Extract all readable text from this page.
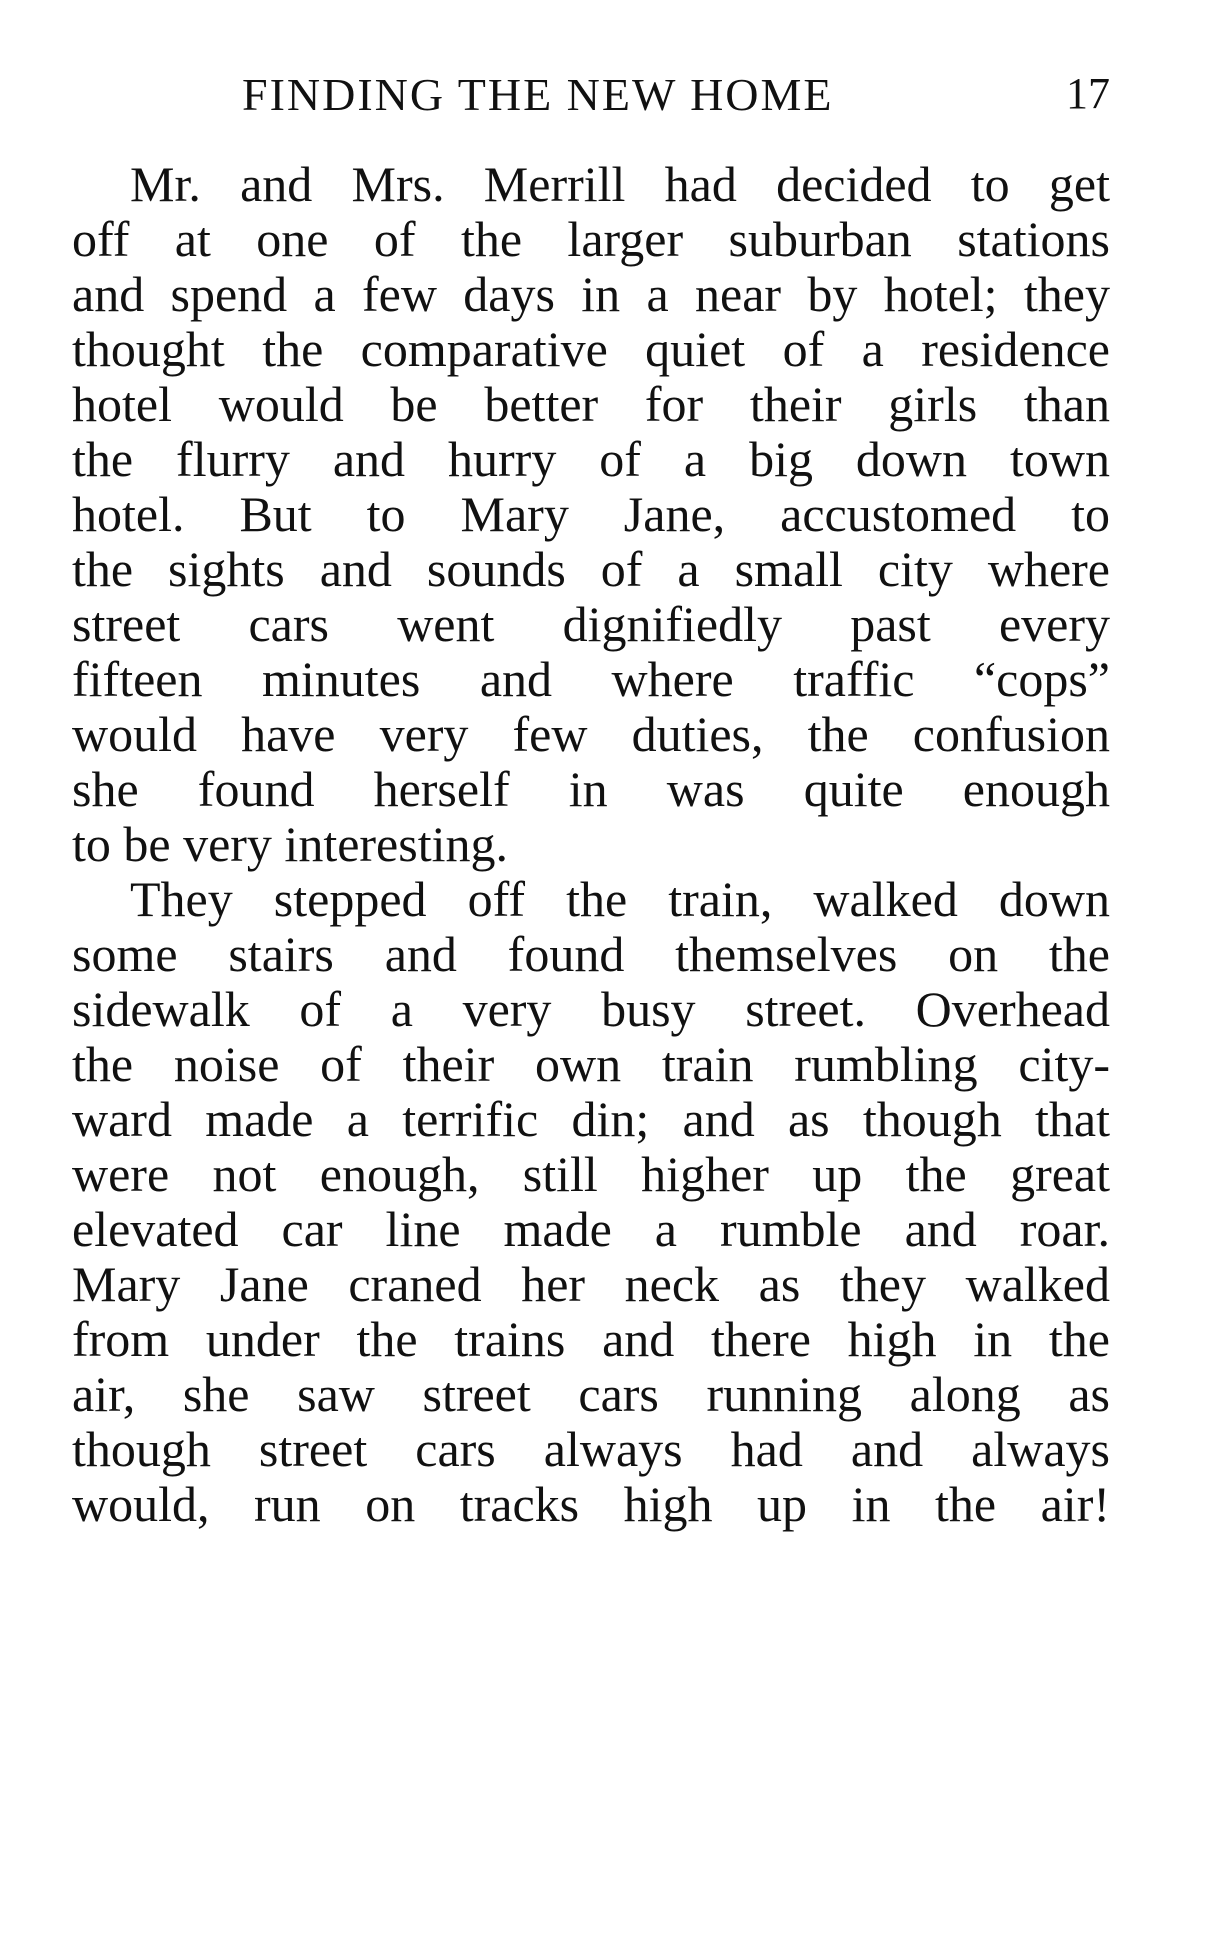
FINDING THE NEW HOME	17
Mr. and Mrs. Merrill had decided to get
off at one of the larger suburban stations
and spend a few days in a near by hotel; they
thought the comparative quiet of a residence
hotel would be better for their girls than
the flurry and hurry of a big down town
hotel. But to Mary Jane, accustomed to
the sights and sounds of a small city where
street cars went dignifiedly past every
fifteen minutes and where traffic “cops”
would have very few duties, the confusion
she found herself in was quite enough
to be very interesting.
They stepped off the train, walked down
some stairs and found themselves on the
sidewalk of a very busy street. Overhead
the noise of their own train rumbling city-
ward made a terrific din; and as though that
were not enough, still higher up the great
elevated car line made a rumble and roar.
Mary Jane craned her neck as they walked
from under the trains and there high in the
air, she saw street cars running along as
though street cars always had and always
would, run on tracks high up in the air!
